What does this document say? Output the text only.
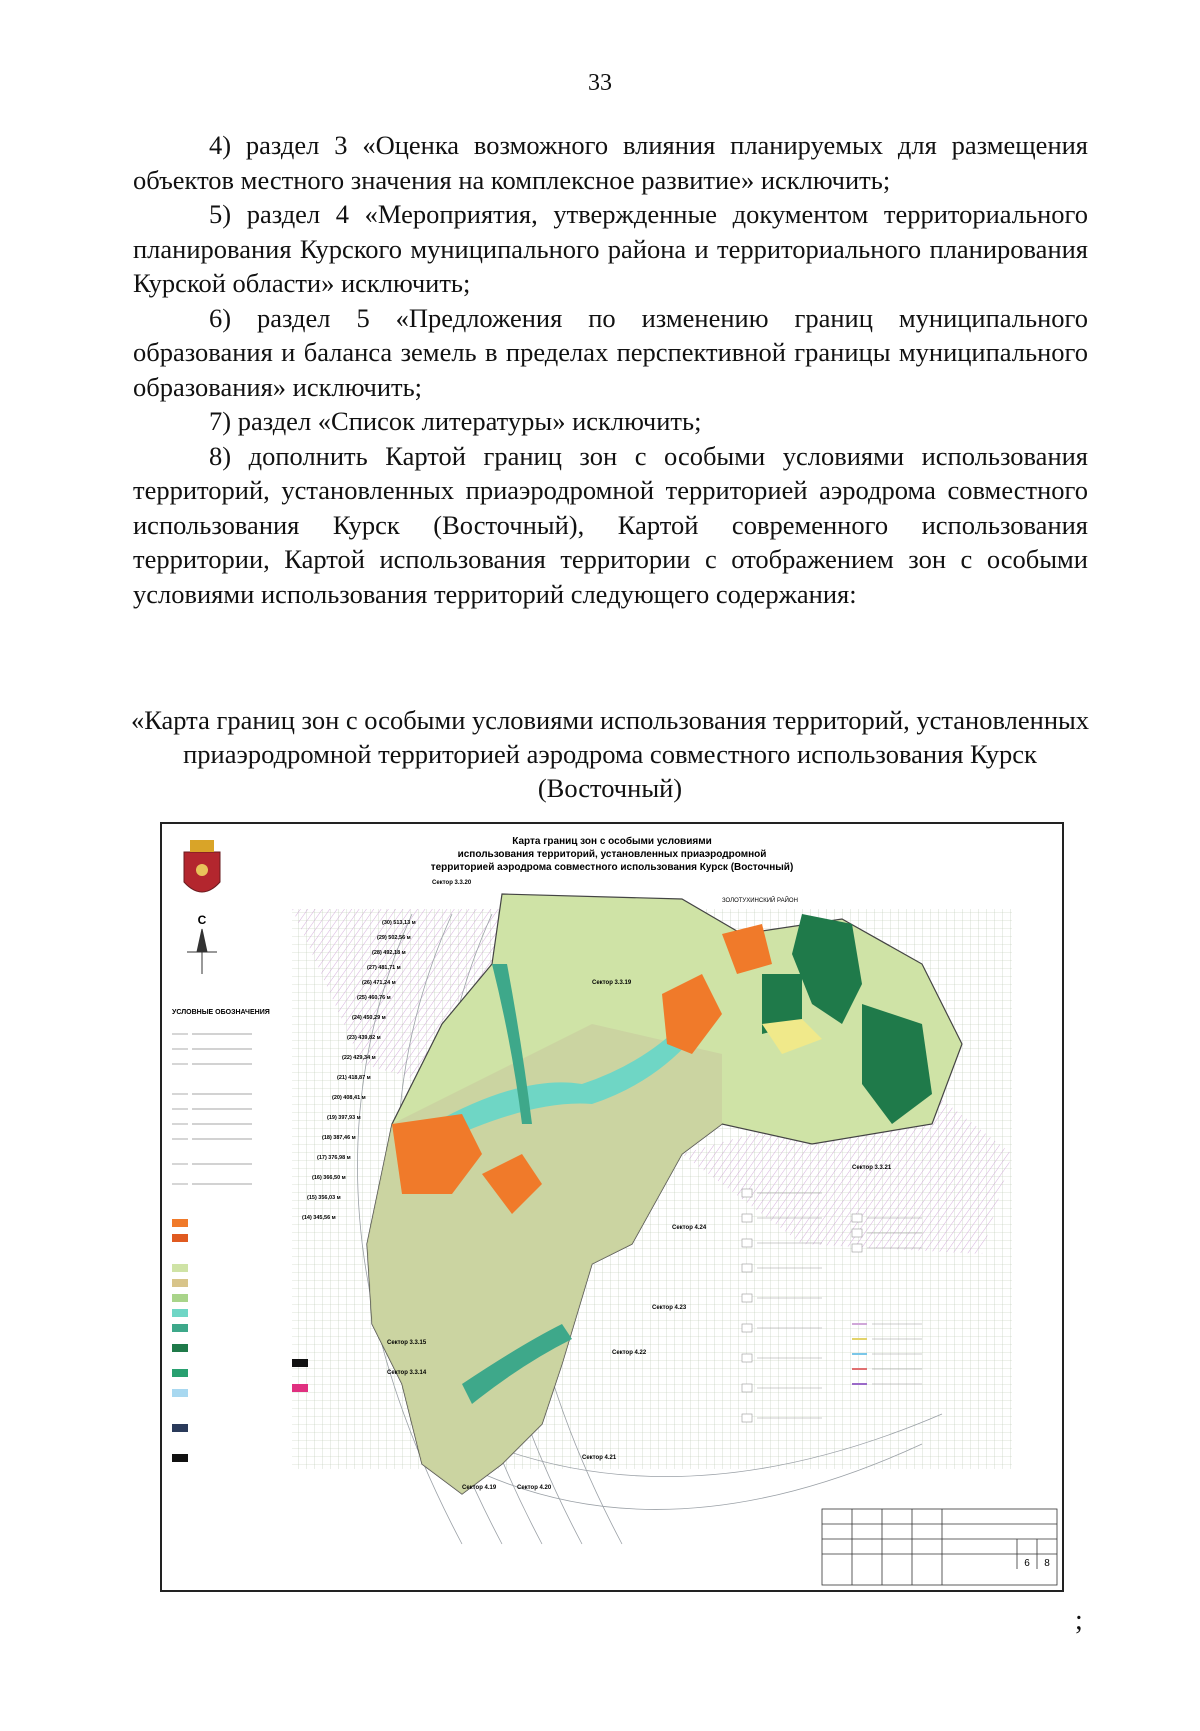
33

4) раздел 3 «Оценка возможного влияния планируемых для размещения объектов местного значения на комплексное развитие» исключить;

5) раздел 4 «Мероприятия, утвержденные документом территориального планирования Курского муниципального района и территориального планирования Курской области» исключить;

6) раздел 5 «Предложения по изменению границ муниципального образования и баланса земель в пределах перспективной границы муниципального образования» исключить;

7) раздел «Список литературы» исключить;

8) дополнить Картой границ зон с особыми условиями использования территорий, установленных приаэродромной территорией аэродрома совместного использования Курск (Восточный), Картой современного использования территории, Картой использования территории с отображением зон с особыми условиями использования территорий следующего содержания:

«Карта границ зон с особыми условиями использования территорий, установленных приаэродромной территорией аэродрома совместного использования Курск (Восточный)
Карта границ зон с особыми условиями
использования территорий, установленных приаэродромной
территорией аэродрома совместного использования Курск (Восточный)
С
УСЛОВНЫЕ ОБОЗНАЧЕНИЯ
ЗОЛОТУХИНСКИЙ РАЙОН
Сектор 3.3.20
Сектор 3.3.19
Сектор 3.3.21
Сектор 4.24
Сектор 4.23
Сектор 4.22
Сектор 3.3.15
Сектор 3.3.14
Сектор 4.21
Сектор 4.19	Сектор 4.20
(30) 513,13 м
(29) 502,56 м
(28) 492,18 м
(27) 481,71 м
(26) 471,24 м
(25) 460,76 м
(24) 450,29 м
(23) 439,82 м
(22) 429,34 м
(21) 418,87 м
(20) 408,41 м
(19) 397,93 м
(18) 387,46 м
(17) 376,98 м
(16) 366,50 м
(15) 356,03 м
(14) 345,56 м
6 8
;
